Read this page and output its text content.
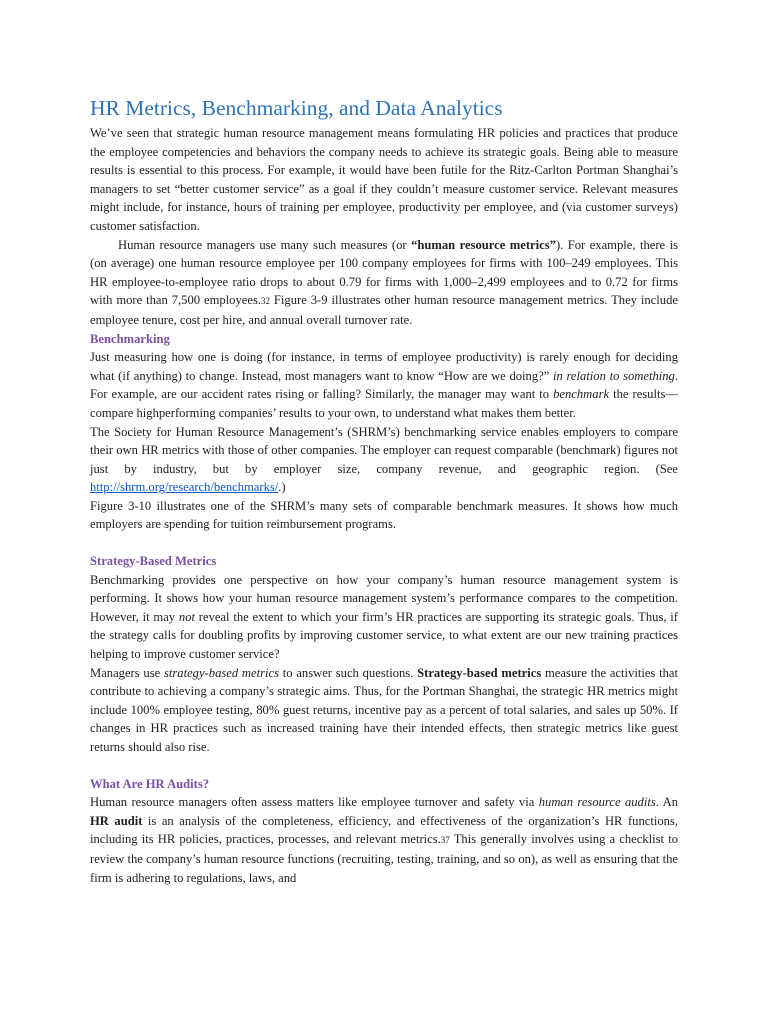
HR Metrics, Benchmarking, and Data Analytics

We’ve seen that strategic human resource management means formulating HR policies and practices that produce the employee competencies and behaviors the company needs to achieve its strategic goals. Being able to measure results is essential to this process. For example, it would have been futile for the Ritz-Carlton Portman Shanghai’s managers to set “better customer service” as a goal if they couldn’t measure customer service. Relevant measures might include, for instance, hours of training per employee, productivity per employee, and (via customer surveys) customer satisfaction.

Human resource managers use many such measures (or “human resource metrics”). For example, there is (on average) one human resource employee per 100 company employees for firms with 100–249 employees. This HR employee-to-employee ratio drops to about 0.79 for firms with 1,000–2,499 employees and to 0.72 for firms with more than 7,500 employees.32 Figure 3-9 illustrates other human resource management metrics. They include employee tenure, cost per hire, and annual overall turnover rate.

Benchmarking

Just measuring how one is doing (for instance, in terms of employee productivity) is rarely enough for deciding what (if anything) to change. Instead, most managers want to know “How are we doing?” in relation to something. For example, are our accident rates rising or falling? Similarly, the manager may want to benchmark the results—compare highperforming companies’ results to your own, to understand what makes them better.

The Society for Human Resource Management’s (SHRM’s) benchmarking service enables employers to compare their own HR metrics with those of other companies. The employer can request comparable (benchmark) figures not just by industry, but by employer size, company revenue, and geographic region. (See http://shrm.org/research/benchmarks/.)

Figure 3-10 illustrates one of the SHRM’s many sets of comparable benchmark measures. It shows how much employers are spending for tuition reimbursement programs.

Strategy-Based Metrics

Benchmarking provides one perspective on how your company’s human resource management system is performing. It shows how your human resource management system’s performance compares to the competition. However, it may not reveal the extent to which your firm’s HR practices are supporting its strategic goals. Thus, if the strategy calls for doubling profits by improving customer service, to what extent are our new training practices helping to improve customer service?

Managers use strategy-based metrics to answer such questions. Strategy-based metrics measure the activities that contribute to achieving a company’s strategic aims. Thus, for the Portman Shanghai, the strategic HR metrics might include 100% employee testing, 80% guest returns, incentive pay as a percent of total salaries, and sales up 50%. If changes in HR practices such as increased training have their intended effects, then strategic metrics like guest returns should also rise.

What Are HR Audits?

Human resource managers often assess matters like employee turnover and safety via human resource audits. An HR audit is an analysis of the completeness, efficiency, and effectiveness of the organization’s HR functions, including its HR policies, practices, processes, and relevant metrics.37 This generally involves using a checklist to review the company’s human resource functions (recruiting, testing, training, and so on), as well as ensuring that the firm is adhering to regulations, laws, and
